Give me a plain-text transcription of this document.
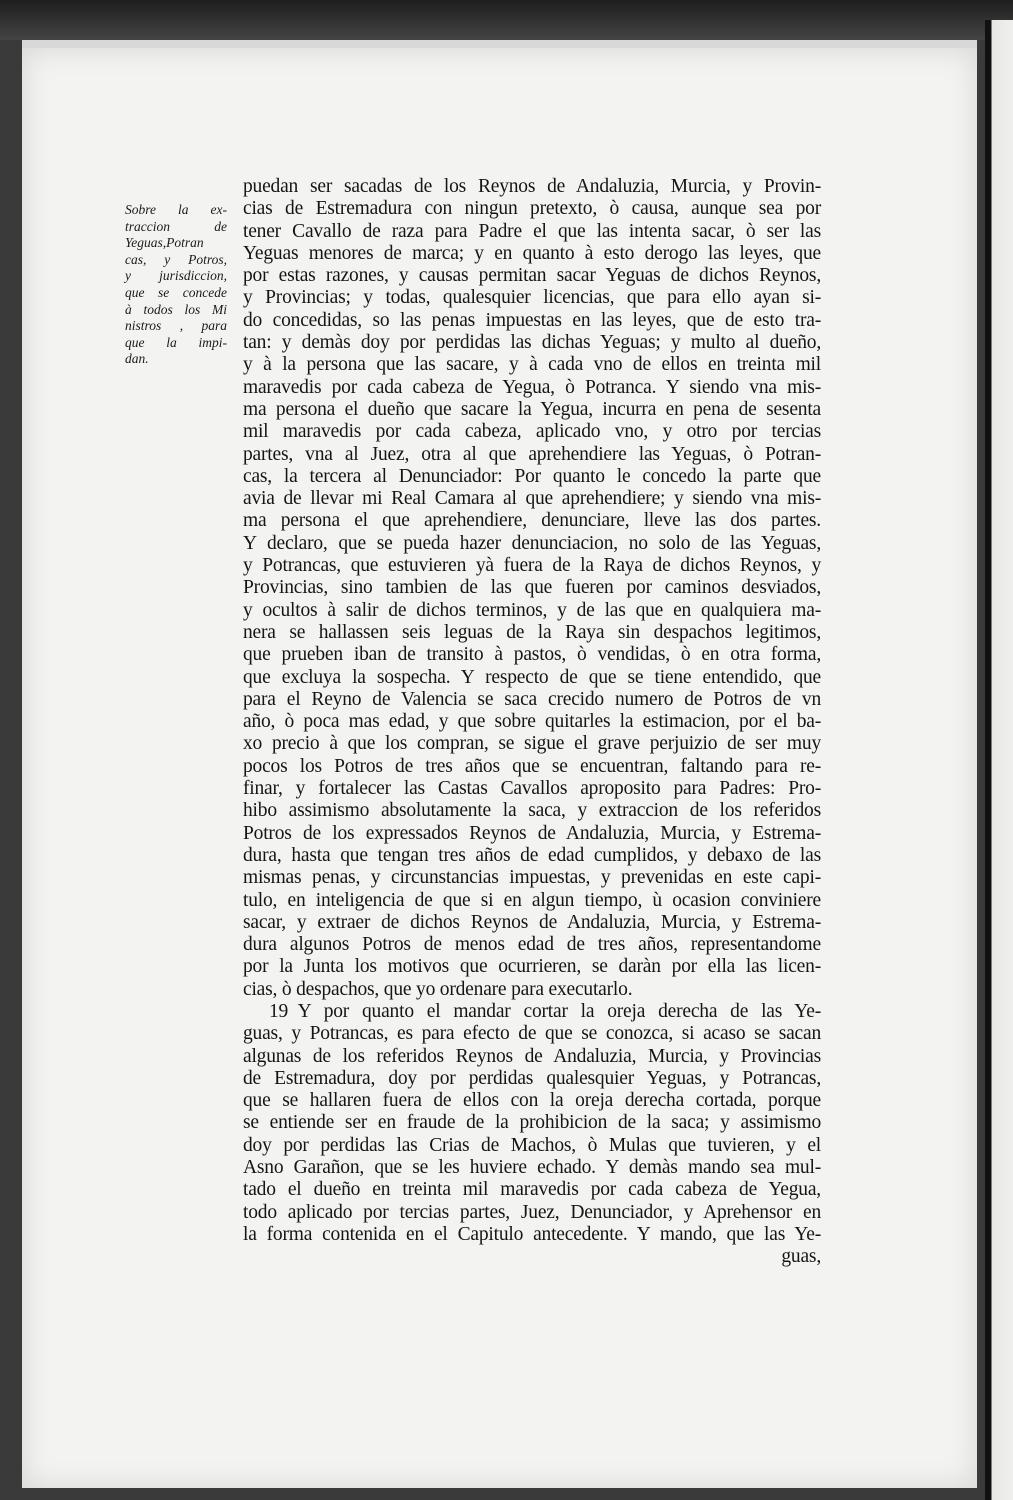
Sobre la ex-
traccion de
Yeguas,Potran
cas, y Potros,
y jurisdiccion,
que se concede
à todos los Mi
nistros , para
que la impi-
dan.
puedan ser sacadas de los Reynos de Andaluzia, Murcia, y Provin-
cias de Estremadura con ningun pretexto, ò causa, aunque sea por
tener Cavallo de raza para Padre el que las intenta sacar, ò ser las
Yeguas menores de marca; y en quanto à esto derogo las leyes, que
por estas razones, y causas permitan sacar Yeguas de dichos Reynos,
y Provincias; y todas, qualesquier licencias, que para ello ayan si-
do concedidas, so las penas impuestas en las leyes, que de esto tra-
tan: y demàs doy por perdidas las dichas Yeguas; y multo al dueño,
y à la persona que las sacare, y à cada vno de ellos en treinta mil
maravedis por cada cabeza de Yegua, ò Potranca. Y siendo vna mis-
ma persona el dueño que sacare la Yegua, incurra en pena de sesenta
mil maravedis por cada cabeza, aplicado vno, y otro por tercias
partes, vna al Juez, otra al que aprehendiere las Yeguas, ò Potran-
cas, la tercera al Denunciador: Por quanto le concedo la parte que
avia de llevar mi Real Camara al que aprehendiere; y siendo vna mis-
ma persona el que aprehendiere, denunciare, lleve las dos partes.
Y declaro, que se pueda hazer denunciacion, no solo de las Yeguas,
y Potrancas, que estuvieren yà fuera de la Raya de dichos Reynos, y
Provincias, sino tambien de las que fueren por caminos desviados,
y ocultos à salir de dichos terminos, y de las que en qualquiera ma-
nera se hallassen seis leguas de la Raya sin despachos legitimos,
que prueben iban de transito à pastos, ò vendidas, ò en otra forma,
que excluya la sospecha. Y respecto de que se tiene entendido, que
para el Reyno de Valencia se saca crecido numero de Potros de vn
año, ò poca mas edad, y que sobre quitarles la estimacion, por el ba-
xo precio à que los compran, se sigue el grave perjuizio de ser muy
pocos los Potros de tres años que se encuentran, faltando para re-
finar, y fortalecer las Castas Cavallos aproposito para Padres: Pro-
hibo assimismo absolutamente la saca, y extraccion de los referidos
Potros de los expressados Reynos de Andaluzia, Murcia, y Estrema-
dura, hasta que tengan tres años de edad cumplidos, y debaxo de las
mismas penas, y circunstancias impuestas, y prevenidas en este capi-
tulo, en inteligencia de que si en algun tiempo, ù ocasion conviniere
sacar, y extraer de dichos Reynos de Andaluzia, Murcia, y Estrema-
dura algunos Potros de menos edad de tres años, representandome
por la Junta los motivos que ocurrieren, se daràn por ella las licen-
cias, ò despachos, que yo ordenare para executarlo.
19 Y por quanto el mandar cortar la oreja derecha de las Ye-
guas, y Potrancas, es para efecto de que se conozca, si acaso se sacan
algunas de los referidos Reynos de Andaluzia, Murcia, y Provincias
de Estremadura, doy por perdidas qualesquier Yeguas, y Potrancas,
que se hallaren fuera de ellos con la oreja derecha cortada, porque
se entiende ser en fraude de la prohibicion de la saca; y assimismo
doy por perdidas las Crias de Machos, ò Mulas que tuvieren, y el
Asno Garañon, que se les huviere echado. Y demàs mando sea mul-
tado el dueño en treinta mil maravedis por cada cabeza de Yegua,
todo aplicado por tercias partes, Juez, Denunciador, y Aprehensor en
la forma contenida en el Capitulo antecedente. Y mando, que las Ye-
guas,
